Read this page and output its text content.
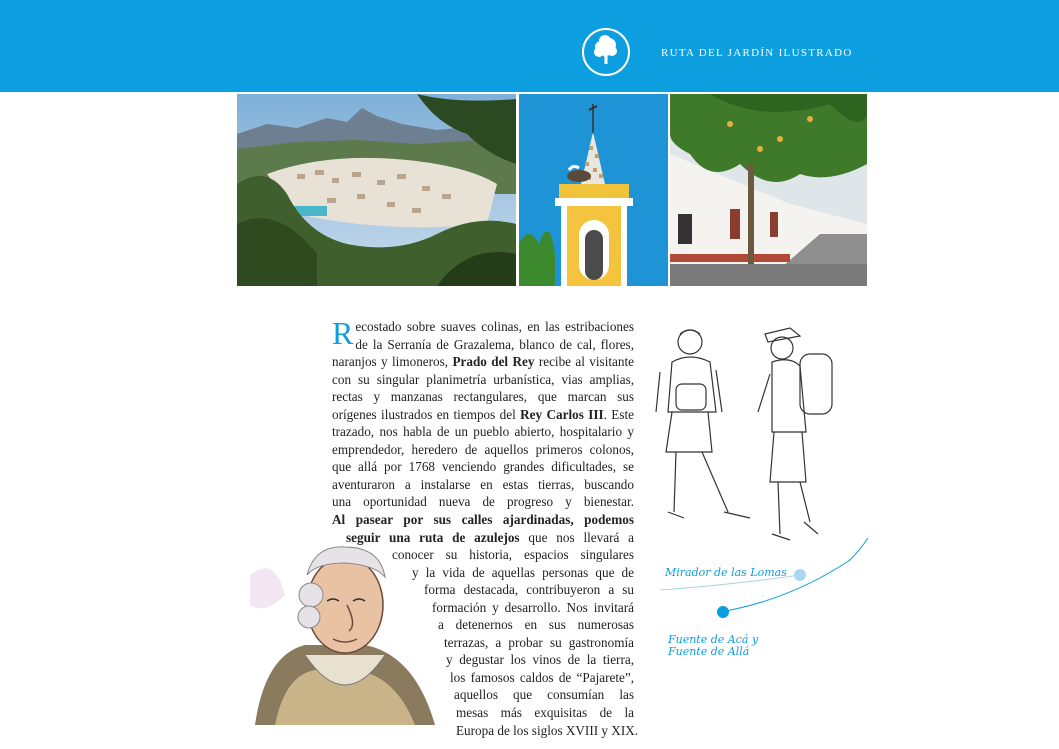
RUTA DEL JARDÍN ILUSTRADO
R ecostado sobre suaves colinas, en las estribaciones
de la Serranía de Grazalema, blanco de cal, flores,
naranjos y limoneros, Prado del Rey recibe al visitante
con su singular planimetría urbanística, vias amplias,
rectas y manzanas rectangulares, que marcan sus
orígenes ilustrados en tiempos del Rey Carlos III. Este
trazado, nos habla de un pueblo abierto, hospitalario y
emprendedor, heredero de aquellos primeros colonos,
que allá por 1768 venciendo grandes dificultades, se
aventuraron a instalarse en estas tierras, buscando
una oportunidad nueva de progreso y bienestar.
Al pasear por sus calles ajardinadas, podemos
seguir una ruta de azulejos que nos llevará a
conocer su historia, espacios singulares
y la vida de aquellas personas que de
forma destacada, contribuyeron a su
formación y desarrollo. Nos invitará
a detenernos en sus numerosas
terrazas, a probar su gastronomía
y degustar los vinos de la tierra,
los famosos caldos de “Pajarete”,
aquellos que consumían las
mesas más exquisitas de la
Europa de los siglos XVIII y XIX.
Mirador de las Lomas
Fuente de Acá y
Fuente de Allá
